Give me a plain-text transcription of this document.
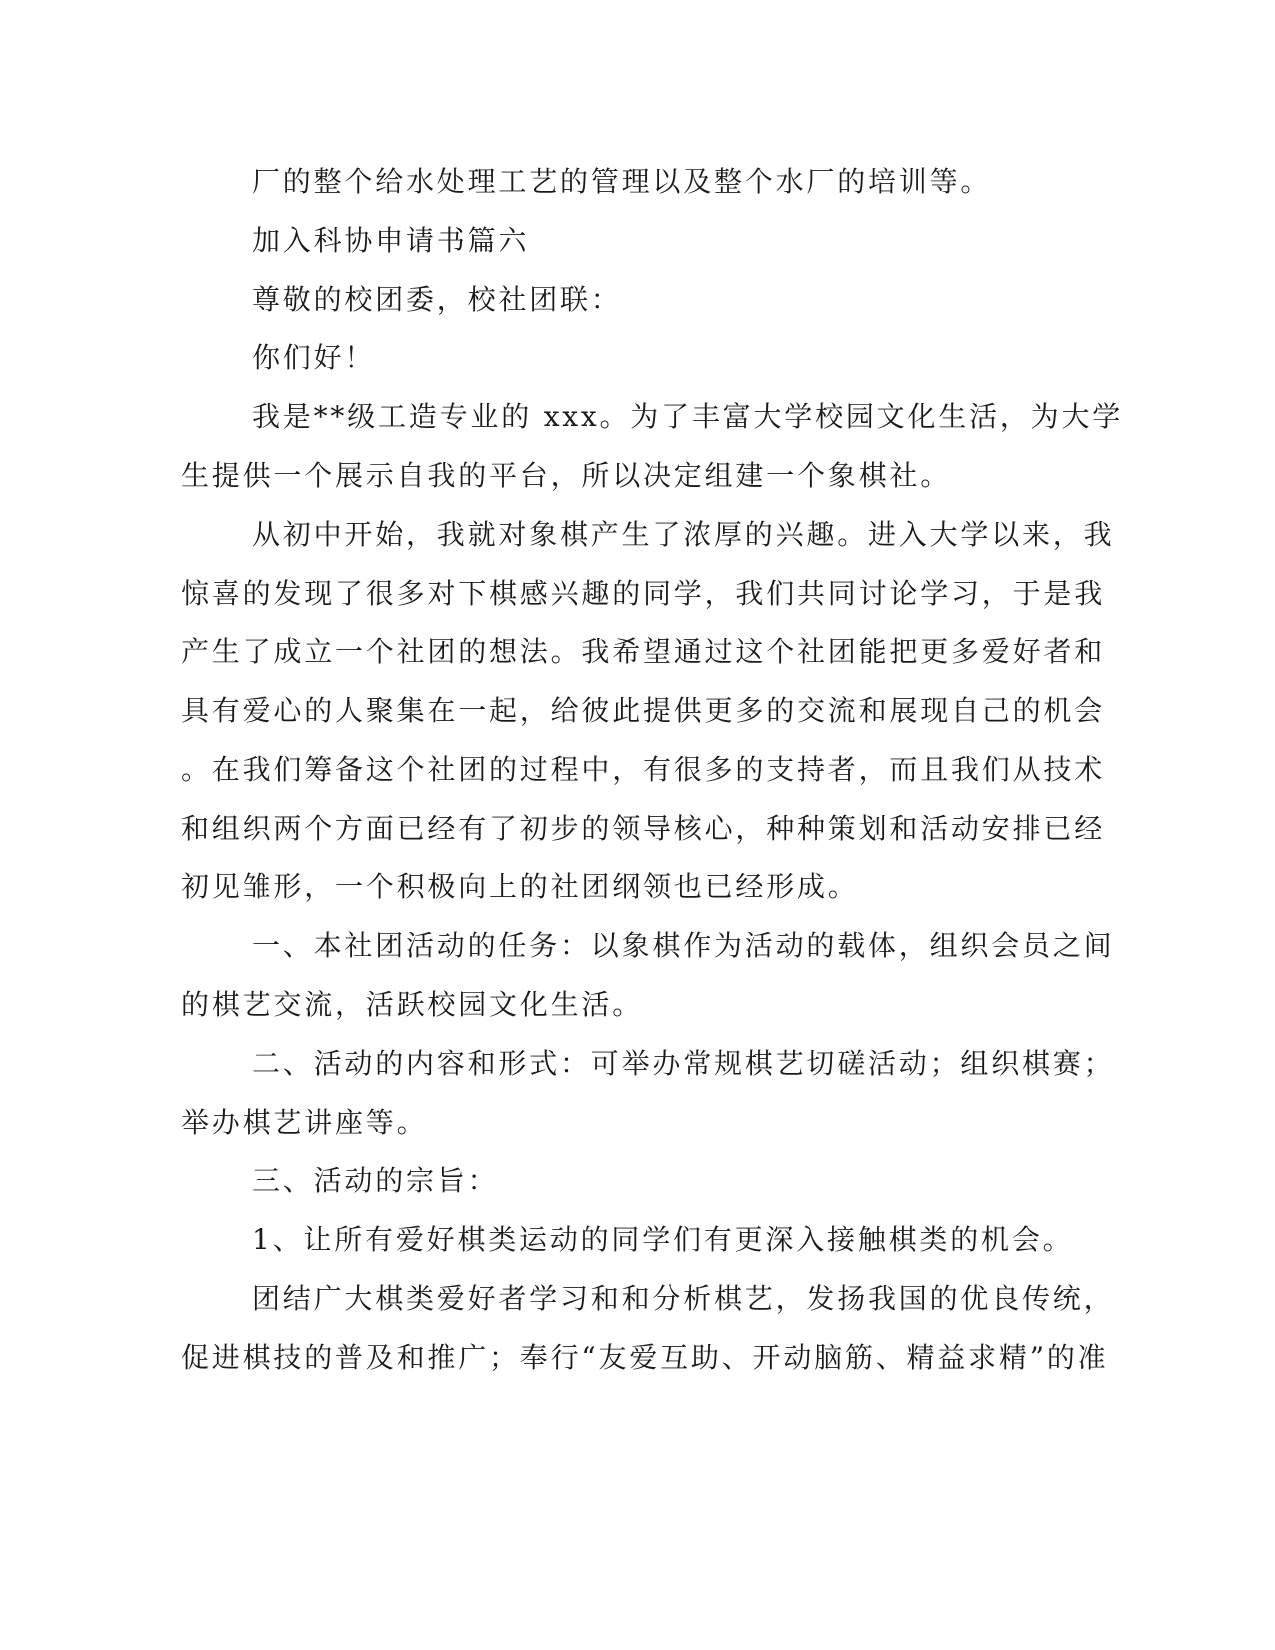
厂的整个给水处理工艺的管理以及整个水厂的培训等。
加入科协申请书篇六
尊敬的校团委，校社团联：
你们好！
我是**级工造专业的 xxx。为了丰富大学校园文化生活，为大学
生提供一个展示自我的平台，所以决定组建一个象棋社。
从初中开始，我就对象棋产生了浓厚的兴趣。进入大学以来，我
惊喜的发现了很多对下棋感兴趣的同学，我们共同讨论学习，于是我
产生了成立一个社团的想法。我希望通过这个社团能把更多爱好者和
具有爱心的人聚集在一起，给彼此提供更多的交流和展现自己的机会
。在我们筹备这个社团的过程中，有很多的支持者，而且我们从技术
和组织两个方面已经有了初步的领导核心，种种策划和活动安排已经
初见雏形，一个积极向上的社团纲领也已经形成。
一、本社团活动的任务：以象棋作为活动的载体，组织会员之间
的棋艺交流，活跃校园文化生活。
二、活动的内容和形式：可举办常规棋艺切磋活动；组织棋赛；
举办棋艺讲座等。
三、活动的宗旨：
1、让所有爱好棋类运动的同学们有更深入接触棋类的机会。
团结广大棋类爱好者学习和和分析棋艺，发扬我国的优良传统，
促进棋技的普及和推广；奉行“友爱互助、开动脑筋、精益求精”的准
